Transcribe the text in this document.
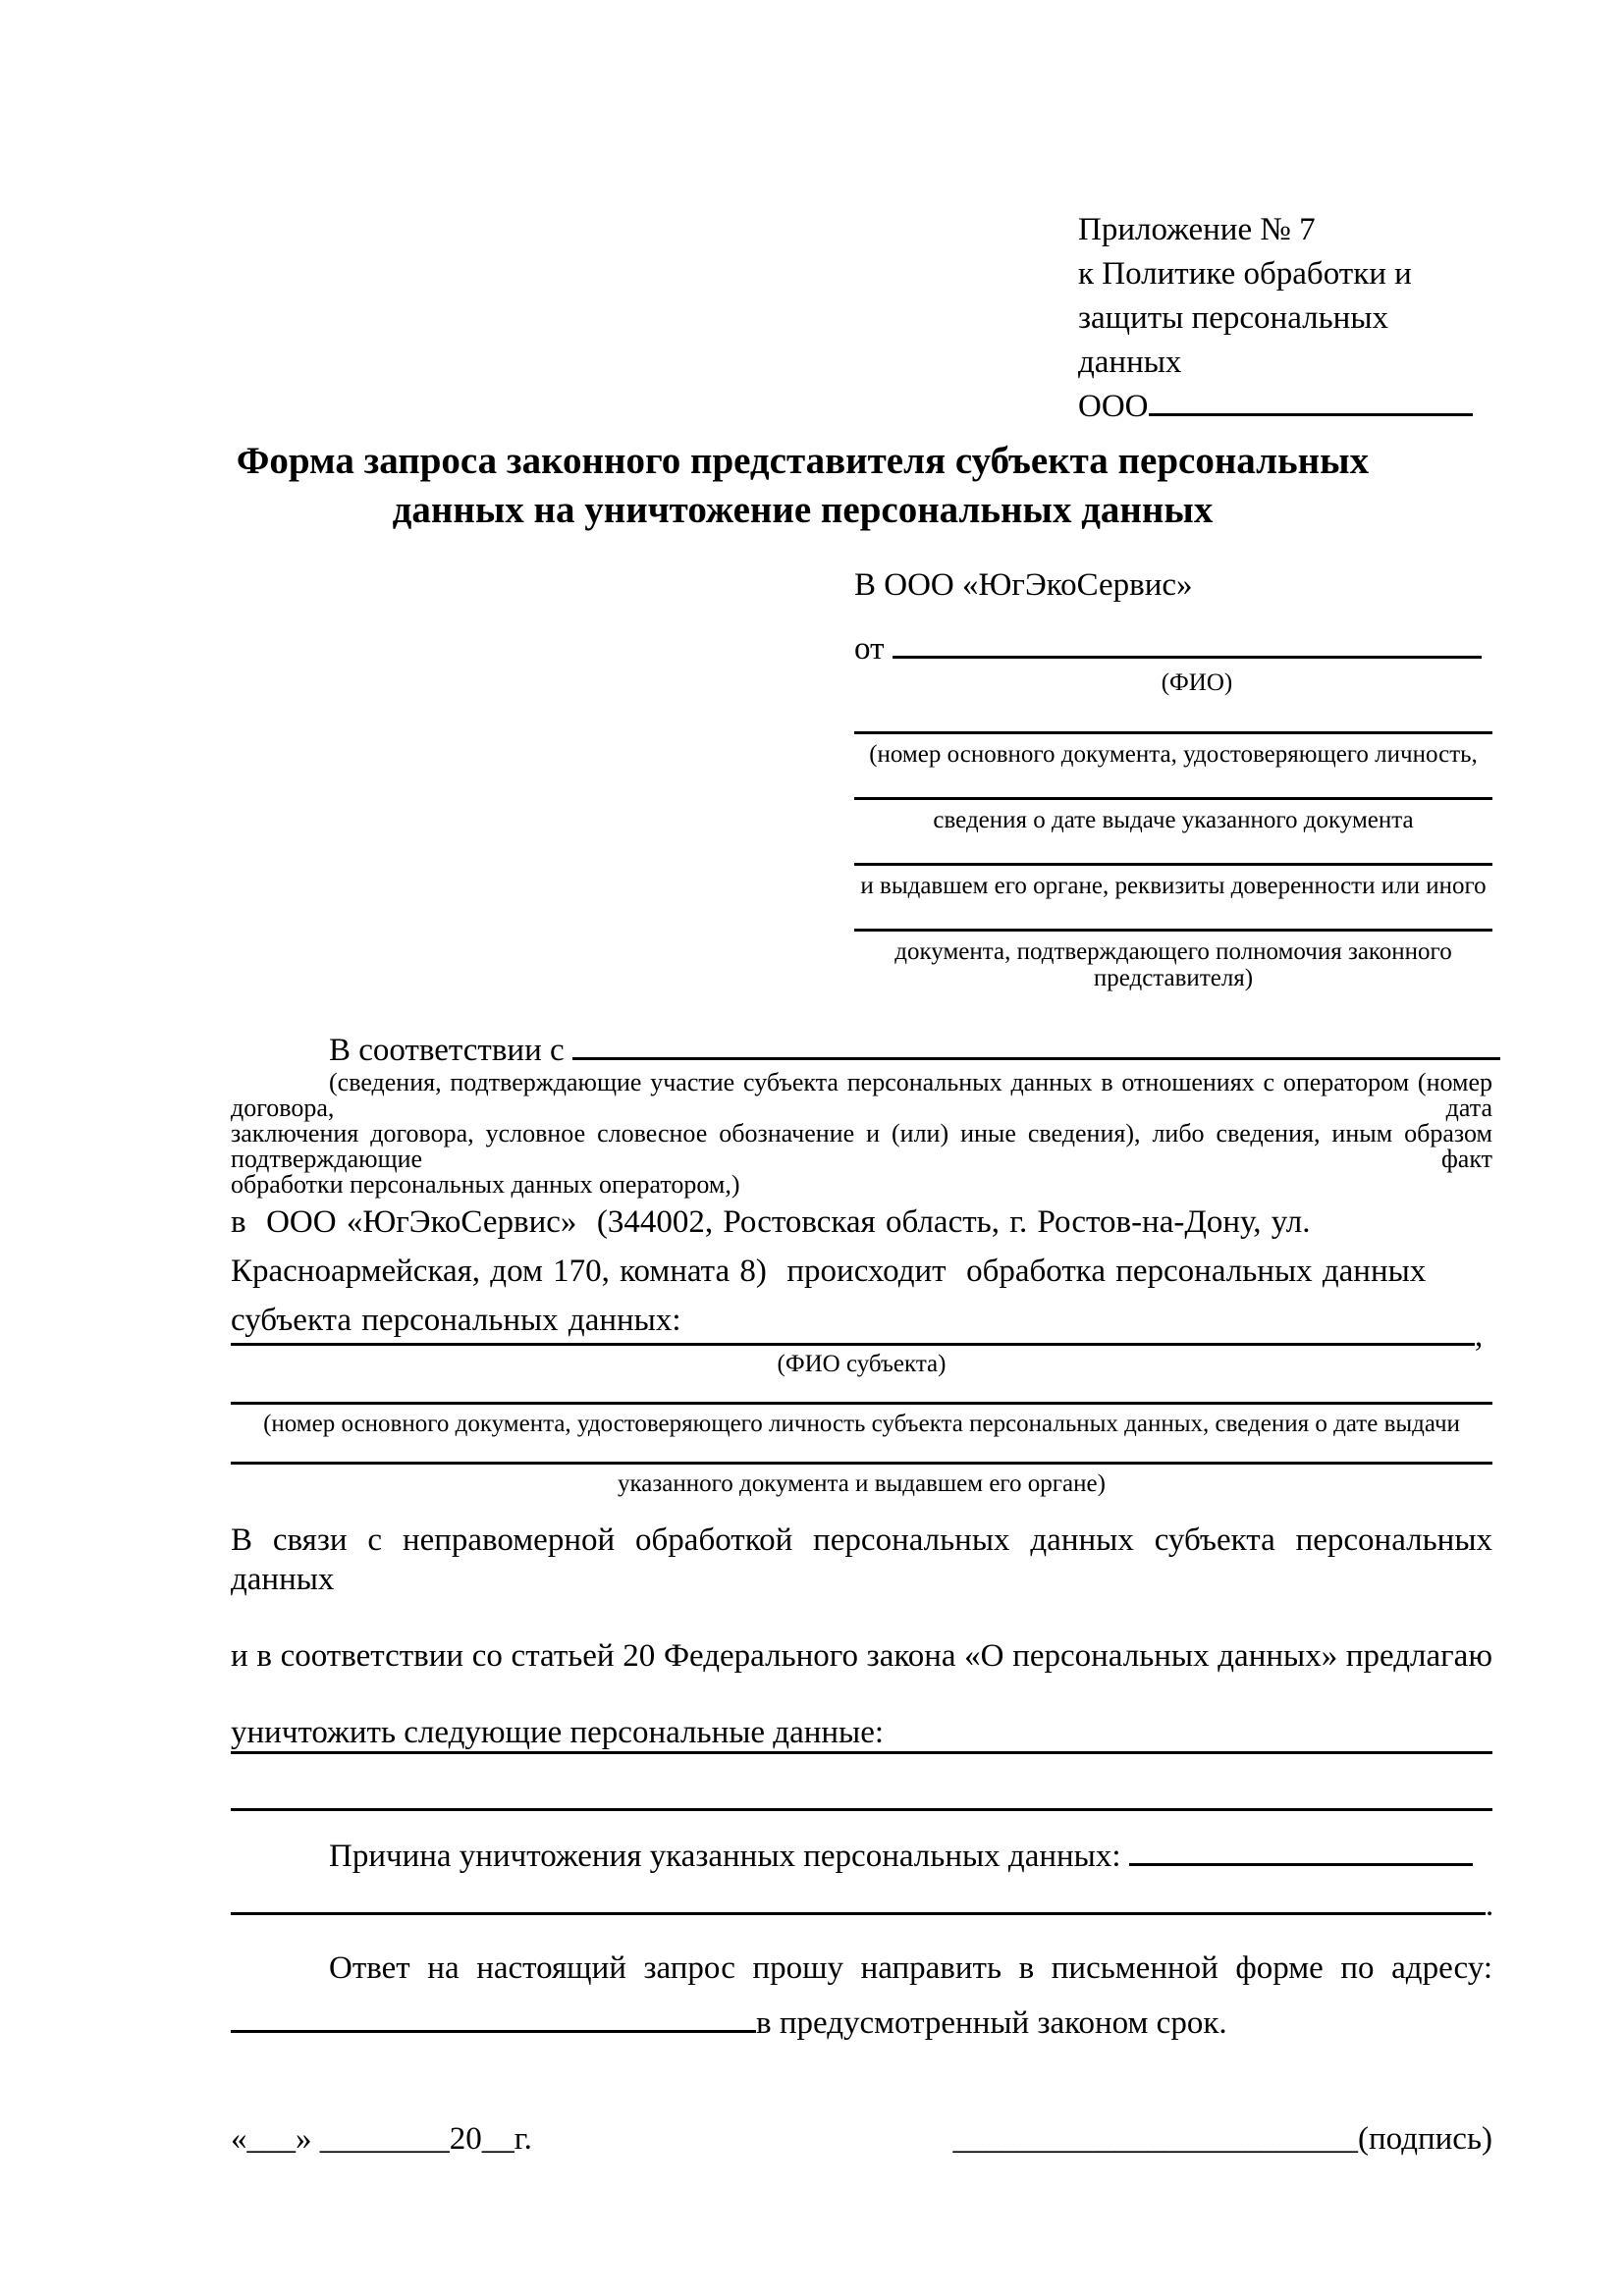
Приложение № 7
к Политике обработки и
защиты персональных данных
ООО
Форма запроса законного представителя субъекта персональных
данных на уничтожение персональных данных
В ООО «ЮгЭкоСервис»
от
(ФИО)
(номер основного документа, удостоверяющего личность,
сведения о дате выдаче указанного документа
и выдавшем его органе, реквизиты доверенности или иного
документа, подтверждающего полномочия законного представителя)
В соответствии с
(сведения, подтверждающие участие субъекта персональных данных в отношениях с оператором (номер договора, дата
заключения договора, условное словесное обозначение и (или) иные сведения), либо сведения, иным образом подтверждающие факт
обработки персональных данных оператором,)
в  ООО «ЮгЭкоСервис»  (344002, Ростовская область, г. Ростов-на-Дону, ул.
Красноармейская, дом 170, комната 8)  происходит  обработка персональных данных
субъекта персональных данных:	,
(ФИО субъекта)
(номер основного документа, удостоверяющего личность субъекта персональных данных, сведения о дате выдачи
указанного документа и выдавшем его органе)
В связи с неправомерной обработкой персональных данных субъекта персональных данных
и в соответствии со статьей 20 Федерального закона «О персональных данных» предлагаю
уничтожить следующие персональные данные:
Причина уничтожения указанных персональных данных:
.
Ответ на настоящий запрос прошу направить в письменной форме по адресу:
в предусмотренный законом срок.
«___» ________20__г.	_________________________(подпись)
